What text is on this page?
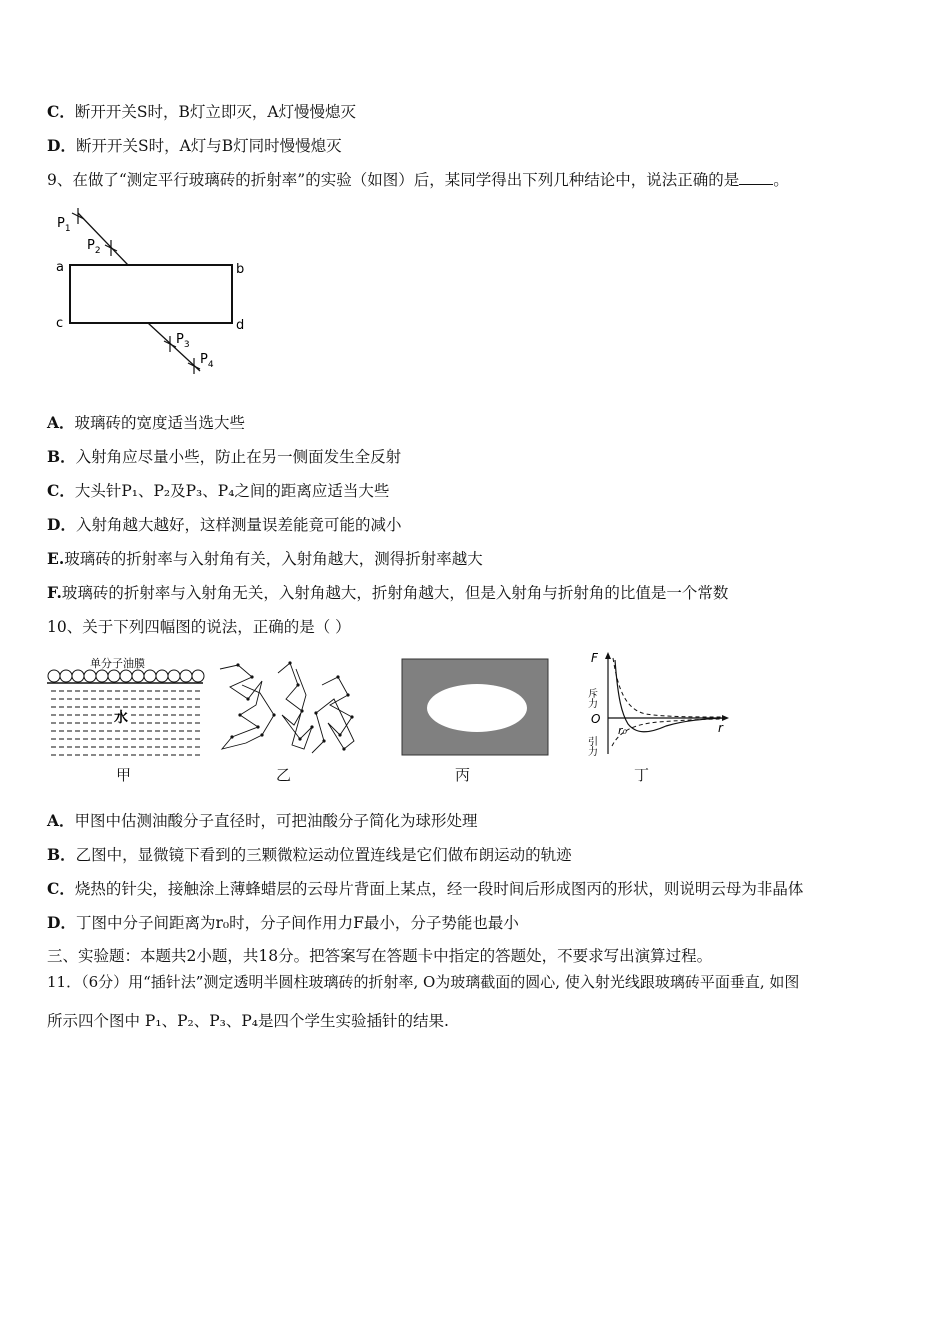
C．断开开关S时，B灯立即灭，A灯慢慢熄灭
D．断开开关S时，A灯与B灯同时慢慢熄灭
9、在做了“测定平行玻璃砖的折射率”的实验（如图）后，某同学得出下列几种结论中，说法正确的是 。
$P_1$
$P_2$
$P_3$
$P_4$
a	b
c	d
A．玻璃砖的宽度适当选大些
B．入射角应尽量小些，防止在另一侧面发生全反射
C．大头针P₁、P₂及P₃、P₄之间的距离应适当大些
D．入射角越大越好，这样测量误差能竟可能的减小
E.玻璃砖的折射率与入射角有关，入射角越大，测得折射率越大
F.玻璃砖的折射率与入射角无关，入射角越大，折射角越大，但是入射角与折射角的比值是一个常数
10、关于下列四幅图的说法，正确的是（ ）
单分子油膜
水
甲	乙	丙
F
斥力
O
引力
r₀	r
丁
A．甲图中估测油酸分子直径时，可把油酸分子简化为球形处理
B．乙图中，显微镜下看到的三颗微粒运动位置连线是它们做布朗运动的轨迹
C．烧热的针尖，接触涂上薄蜂蜡层的云母片背面上某点，经一段时间后形成图丙的形状，则说明云母为非晶体
D．丁图中分子间距离为r₀时，分子间作用力F最小，分子势能也最小
三、实验题：本题共2小题，共18分。把答案写在答题卡中指定的答题处，不要求写出演算过程。
11．（6分）用“插针法”测定透明半圆柱玻璃砖的折射率, O为玻璃截面的圆心, 使入射光线跟玻璃砖平面垂直, 如图
所示四个图中 P₁、P₂、P₃、P₄是四个学生实验插针的结果.
